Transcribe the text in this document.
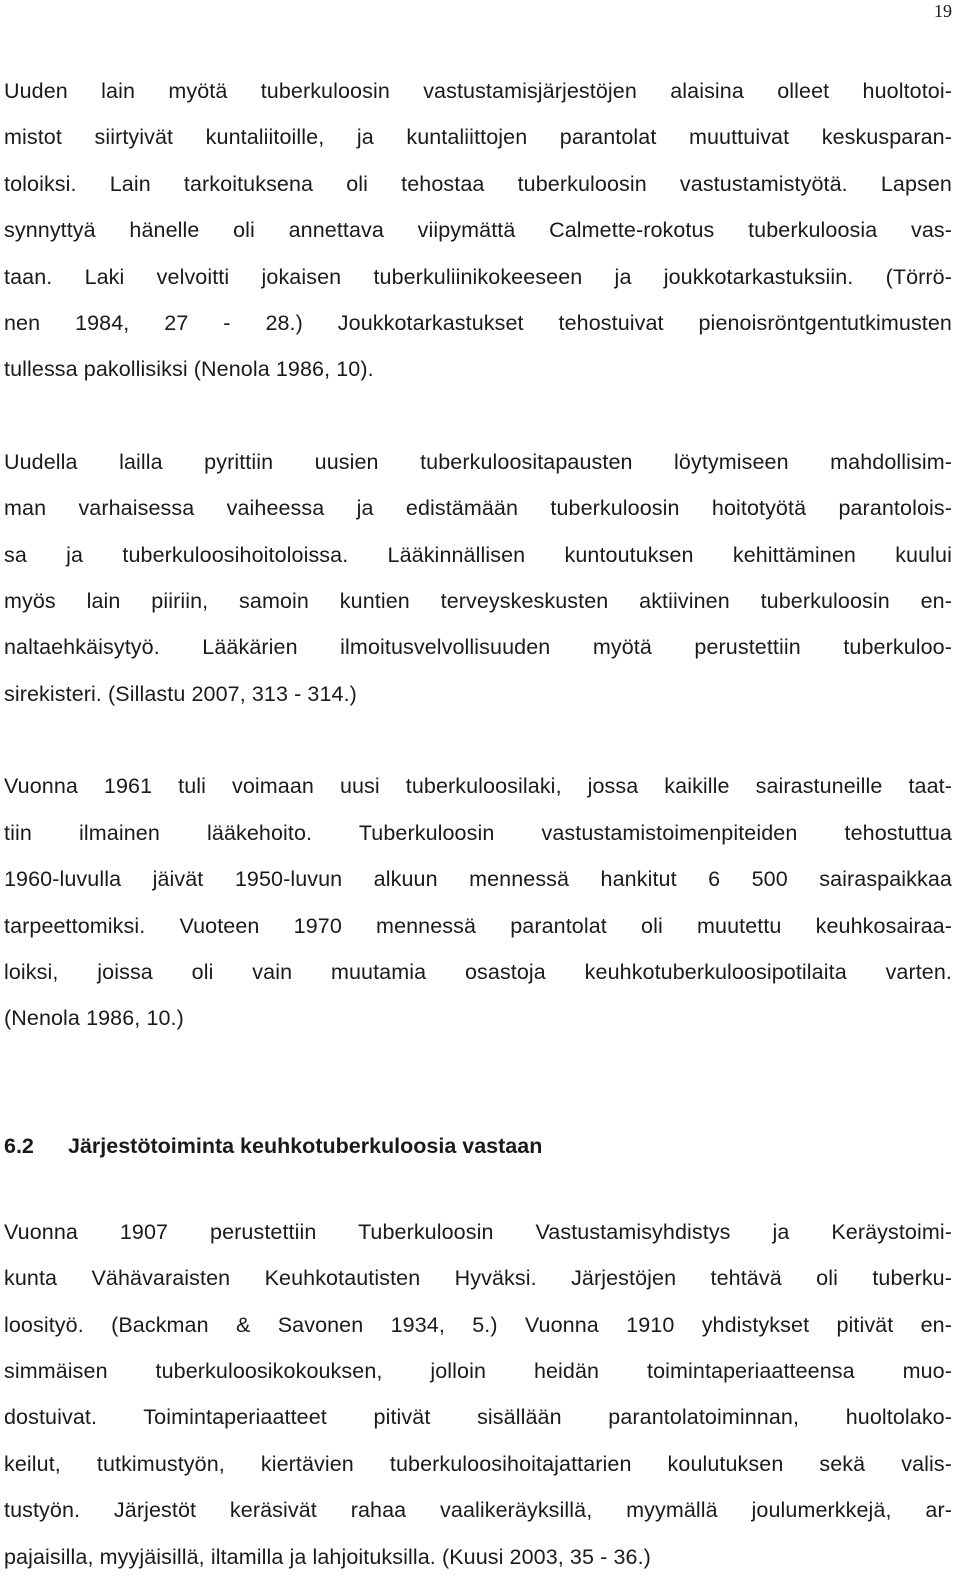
19

Uuden lain myötä tuberkuloosin vastustamisjärjestöjen alaisina olleet huoltotoi-
mistot siirtyivät kuntaliitoille, ja kuntaliittojen parantolat muuttuivat keskusparan-
toloiksi. Lain tarkoituksena oli tehostaa tuberkuloosin vastustamistyötä. Lapsen
synnyttyä hänelle oli annettava viipymättä Calmette-rokotus tuberkuloosia vas-
taan. Laki velvoitti jokaisen tuberkuliinikokeeseen ja joukkotarkastuksiin. (Törrö-
nen 1984, 27 - 28.) Joukkotarkastukset tehostuivat pienoisröntgentutkimusten
tullessa pakollisiksi (Nenola 1986, 10).

Uudella lailla pyrittiin uusien tuberkuloositapausten löytymiseen mahdollisim-
man varhaisessa vaiheessa ja edistämään tuberkuloosin hoitotyötä parantolois-
sa ja tuberkuloosihoitoloissa. Lääkinnällisen kuntoutuksen kehittäminen kuului
myös lain piiriin, samoin kuntien terveyskeskusten aktiivinen tuberkuloosin en-
naltaehkäisytyö. Lääkärien ilmoitusvelvollisuuden myötä perustettiin tuberkuloo-
sirekisteri. (Sillastu 2007, 313 - 314.)

Vuonna 1961 tuli voimaan uusi tuberkuloosilaki, jossa kaikille sairastuneille taat-
tiin ilmainen lääkehoito. Tuberkuloosin vastustamistoimenpiteiden tehostuttua
1960-luvulla jäivät 1950-luvun alkuun mennessä hankitut 6 500 sairaspaikkaa
tarpeettomiksi. Vuoteen 1970 mennessä parantolat oli muutettu keuhkosairaa-
loiksi, joissa oli vain muutamia osastoja keuhkotuberkuloosipotilaita varten.
(Nenola 1986, 10.)

6.2 Järjestötoiminta keuhkotuberkuloosia vastaan

Vuonna 1907 perustettiin Tuberkuloosin Vastustamisyhdistys ja Keräystoimi-
kunta Vähävaraisten Keuhkotautisten Hyväksi. Järjestöjen tehtävä oli tuberku-
loosityö. (Backman & Savonen 1934, 5.) Vuonna 1910 yhdistykset pitivät en-
simmäisen tuberkuloosikokouksen, jolloin heidän toimintaperiaatteensa muo-
dostuivat. Toimintaperiaatteet pitivät sisällään parantolatoiminnan, huoltolako-
keilut, tutkimustyön, kiertävien tuberkuloosihoitajattarien koulutuksen sekä valis-
tustyön. Järjestöt keräsivät rahaa vaalikeräyksillä, myymällä joulumerkkejä, ar-
pajaisilla, myyjäisillä, iltamilla ja lahjoituksilla. (Kuusi 2003, 35 - 36.)
